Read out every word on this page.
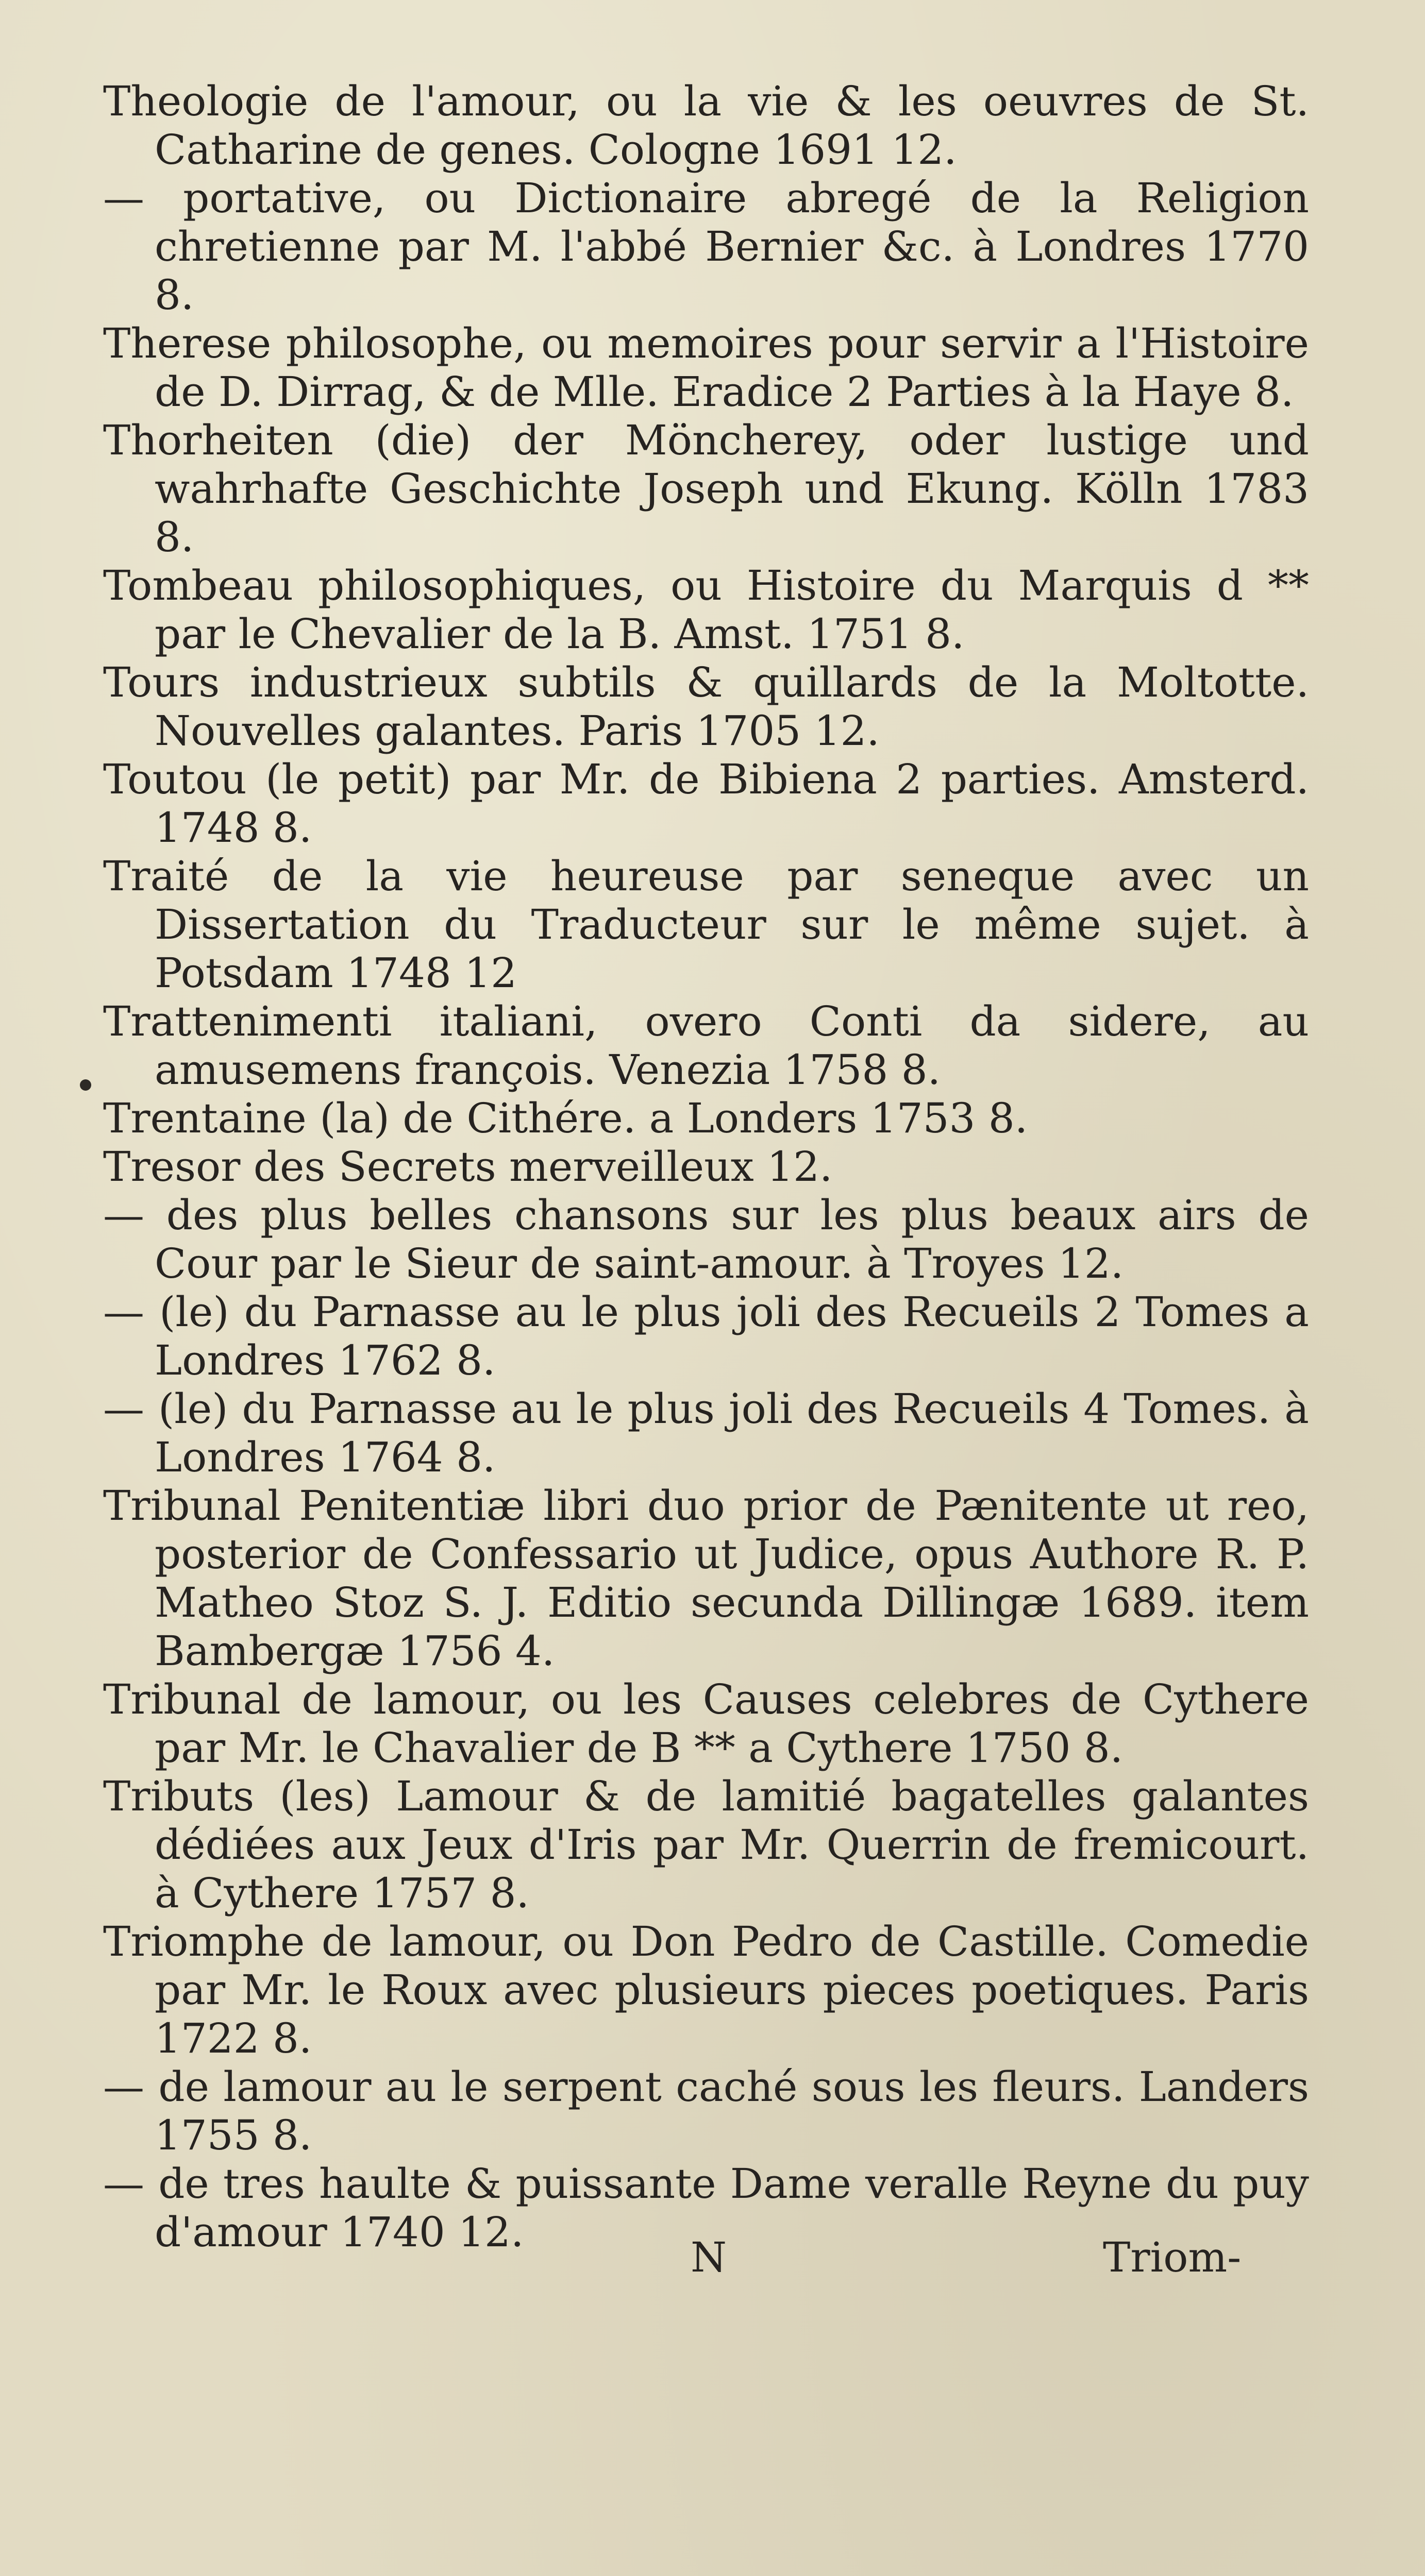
Theologie de l'amour, ou la vie & les oeuvres de St. Catharine de genes. Cologne 1691 12.
— portative, ou Dictionaire abregé de la Religion chretienne par M. l'abbé Bernier &c. à Londres 1770 8.
Therese philosophe, ou memoires pour servir a l'Histoire de D. Dirrag, & de Mlle. Eradice 2 Parties à la Haye 8.
Thorheiten (die) der Möncherey, oder lustige und wahrhafte Geschichte Joseph und Ekung. Kölln 1783 8.
Tombeau philosophiques, ou Histoire du Marquis d ** par le Chevalier de la B. Amst. 1751 8.
Tours industrieux subtils & quillards de la Moltotte. Nouvelles galantes. Paris 1705 12.
Toutou (le petit) par Mr. de Bibiena 2 parties. Amsterd. 1748 8.
Traité de la vie heureuse par seneque avec un Dissertation du Traducteur sur le même sujet. à Potsdam 1748 12
Trattenimenti italiani, overo Conti da sidere, au amusemens françois. Venezia 1758 8.
Trentaine (la) de Cithére. a Londers 1753 8.
Tresor des Secrets merveilleux 12.
— des plus belles chansons sur les plus beaux airs de Cour par le Sieur de saint-amour. à Troyes 12.
— (le) du Parnasse au le plus joli des Recueils 2 Tomes a Londres 1762 8.
— (le) du Parnasse au le plus joli des Recueils 4 Tomes. à Londres 1764 8.
Tribunal Penitentiæ libri duo prior de Pænitente ut reo, posterior de Confessario ut Judice, opus Authore R. P. Matheo Stoz S. J. Editio secunda Dillingæ 1689. item Bambergæ 1756 4.
Tribunal de lamour, ou les Causes celebres de Cythere par Mr. le Chavalier de B ** a Cythere 1750 8.
Tributs (les) Lamour & de lamitié bagatelles galantes dédiées aux Jeux d'Iris par Mr. Querrin de fremicourt. à Cythere 1757 8.
Triomphe de lamour, ou Don Pedro de Castille. Comedie par Mr. le Roux avec plusieurs pieces poetiques. Paris 1722 8.
— de lamour au le serpent caché sous les fleurs. Landers 1755 8.
— de tres haulte & puissante Dame veralle Reyne du puy d'amour 1740 12.
N	Triom-
